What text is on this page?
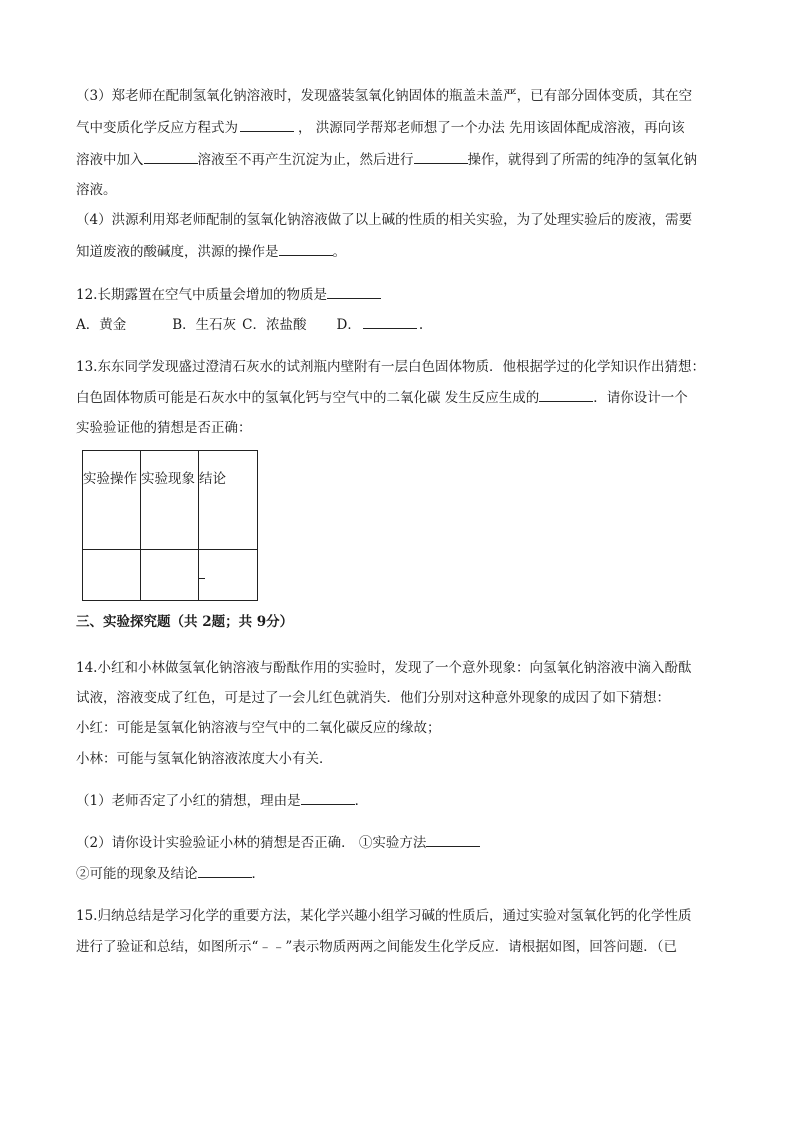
（3）郑老师在配制氢氧化钠溶液时，发现盛装氢氧化钠固体的瓶盖未盖严，已有部分固体变质，其在空
气中变质化学反应方程式为	， 洪源同学帮郑老师想了一个办法 先用该固体配成溶液，再向该
溶液中加入	溶液至不再产生沉淀为止，然后进行	操作，就得到了所需的纯净的氢氧化钠
溶液。
（4）洪源利用郑老师配制的氢氧化钠溶液做了以上碱的性质的相关实验，为了处理实验后的废液，需要
知道废液的酸碱度，洪源的操作是	。
12.长期露置在空气中质量会增加的物质是
A．黄金	B．生石灰 C．浓盐酸 D．	.
13.东东同学发现盛过澄清石灰水的试剂瓶内壁附有一层白色固体物质．他根据学过的化学知识作出猜想：
白色固体物质可能是石灰水中的氢氧化钙与空气中的二氧化碳 发生反应生成的	．请你设计一个
实验验证他的猜想是否正确：
实验操作	实验现象	结论

三、实验探究题（共 2题；共 9分）
14.小红和小林做氢氧化钠溶液与酚酞作用的实验时，发现了一个意外现象：向氢氧化钠溶液中滴入酚酞
试液，溶液变成了红色，可是过了一会儿红色就消失．他们分别对这种意外现象的成因了如下猜想：
小红：可能是氢氧化钠溶液与空气中的二氧化碳反应的缘故；
小林：可能与氢氧化钠溶液浓度大小有关．
（1）老师否定了小红的猜想，理由是	．
（2）请你设计实验验证小林的猜想是否正确． ①实验方法
②可能的现象及结论	．
15.归纳总结是学习化学的重要方法，某化学兴趣小组学习碱的性质后，通过实验对氢氧化钙的化学性质
进行了验证和总结，如图所示“﹣﹣”表示物质两两之间能发生化学反应．请根据如图，回答问题．（已
